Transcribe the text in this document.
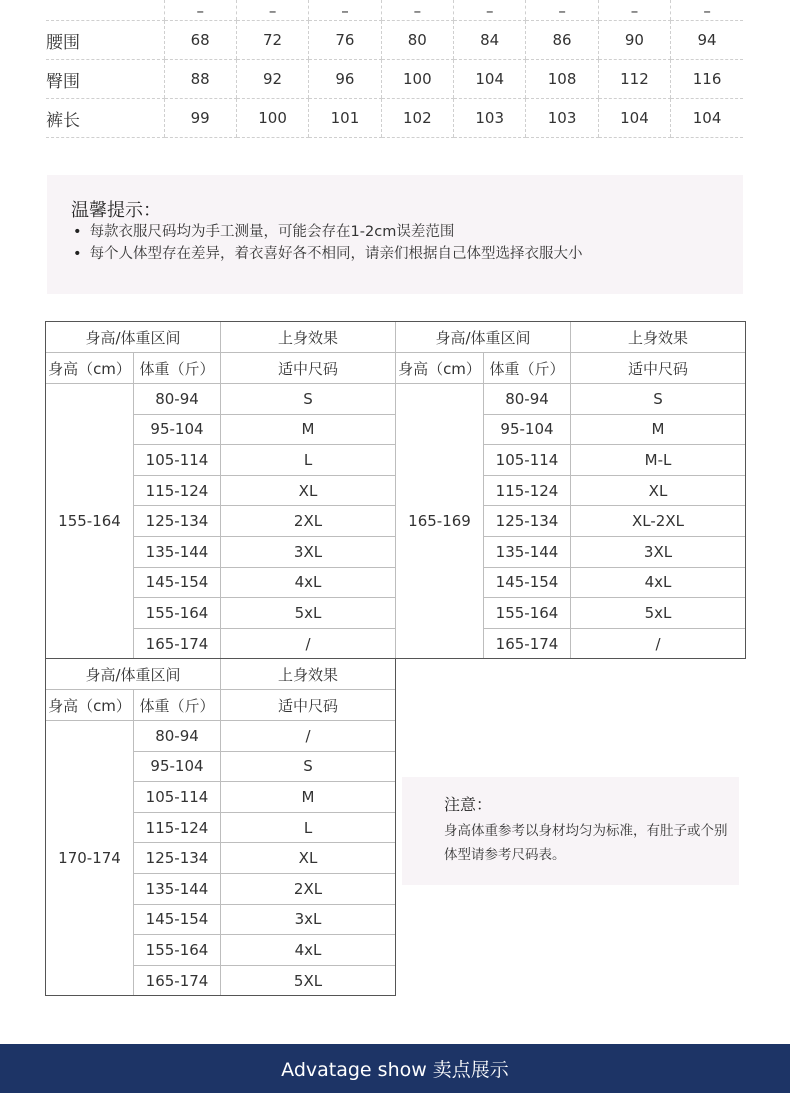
	–	–	–	–	–	–	–	–
腰围	68	72	76	80	84	86	90	94
臀围	88	92	96	100	104	108	112	116
裤长	99	100	101	102	103	103	104	104
温馨提示：
• 每款衣服尺码均为手工测量，可能会存在1-2cm误差范围
• 每个人体型存在差异，着衣喜好各不相同，请亲们根据自己体型选择衣服大小
身高/体重区间		上身效果
身高（cm）	体重（斤）	适中尺码
155-164	80-94	S
	95-104	M
	105-114	L
	115-124	XL
	125-134	2XL
	135-144	3XL
	145-154	4xL
	155-164	5xL
	165-174	/
身高/体重区间		上身效果
身高（cm）	体重（斤）	适中尺码
165-169	80-94	S
	95-104	M
	105-114	M-L
	115-124	XL
	125-134	XL-2XL
	135-144	3XL
	145-154	4xL
	155-164	5xL
	165-174	/
身高/体重区间		上身效果
身高（cm）	体重（斤）	适中尺码
170-174	80-94	/
	95-104	S
	105-114	M
	115-124	L
	125-134	XL
	135-144	2XL
	145-154	3xL
	155-164	4xL
	165-174	5XL
注意：
身高体重参考以身材均匀为标准，有肚子或个别体型请参考尺码表。
Advatage show 卖点展示
